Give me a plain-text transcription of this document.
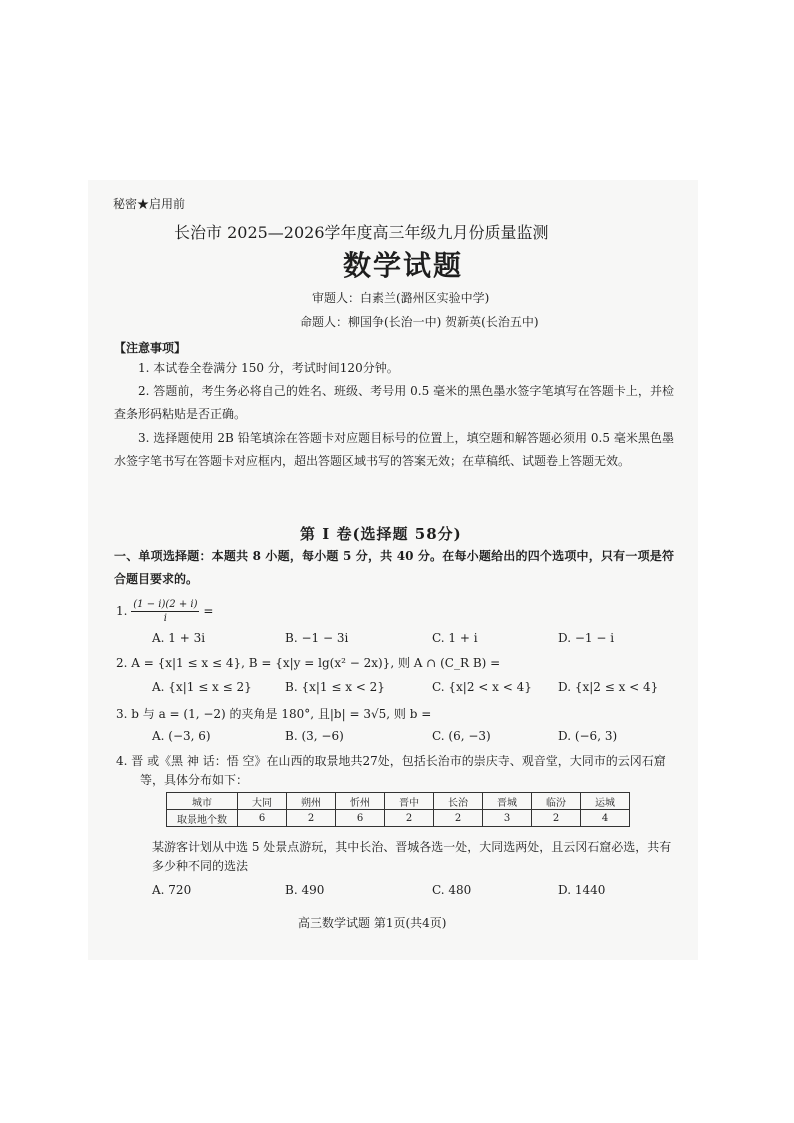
秘密★启用前
长治市 2025—2026学年度高三年级九月份质量监测
数学试题
审题人：白素兰(潞州区实验中学)
命题人：柳国争(长治一中) 贺新英(长治五中)
【注意事项】
1. 本试卷全卷满分 150 分，考试时间120分钟。
2. 答题前，考生务必将自己的姓名、班级、考号用 0.5 毫米的黑色墨水签字笔填写在答题卡上，并检查条形码粘贴是否正确。
3. 选择题使用 2B 铅笔填涂在答题卡对应题目标号的位置上，填空题和解答题必须用 0.5 毫米黑色墨水签字笔书写在答题卡对应框内，超出答题区域书写的答案无效；在草稿纸、试题卷上答题无效。
第 Ⅰ 卷(选择题 58分)
一、单项选择题：本题共 8 小题，每小题 5 分，共 40 分。在每小题给出的四个选项中，只有一项是符合题目要求的。
1. $\frac{(1 - i)(2 + i)}{i}$ =
A. 1 + 3i	B. −1 − 3i	C. 1 + i	D. −1 − i
2. A = {x|1 ≤ x ≤ 4}, B = {x|y = lg(x² − 2x)}, 则 A ∩ (C_R B) =
A. {x|1 ≤ x ≤ 2}	B. {x|1 ≤ x < 2}	C. {x|2 < x < 4} D. {x|2 ≤ x < 4}
3. b 与 a = (1, −2) 的夹角是 180°, 且|b| = 3√5, 则 b =
A. (−3, 6)	B. (3, −6)	C. (6, −3)	D. (−6, 3)
4. 晋 或《黑 神 话：悟 空》在山西的取景地共27处，包括长治市的崇庆寺、观音堂，大同市的云冈石窟
等，具体分布如下：
城市	大同	朔州	忻州	晋中	长治	晋城	临汾	运城
取景地个数	6	2	6	2	2	3	2	4
某游客计划从中选 5 处景点游玩，其中长治、晋城各选一处，大同选两处，且云冈石窟必选，共有
多少种不同的选法
A. 720	B. 490	C. 480	D. 1440
高三数学试题 第1页(共4页)
